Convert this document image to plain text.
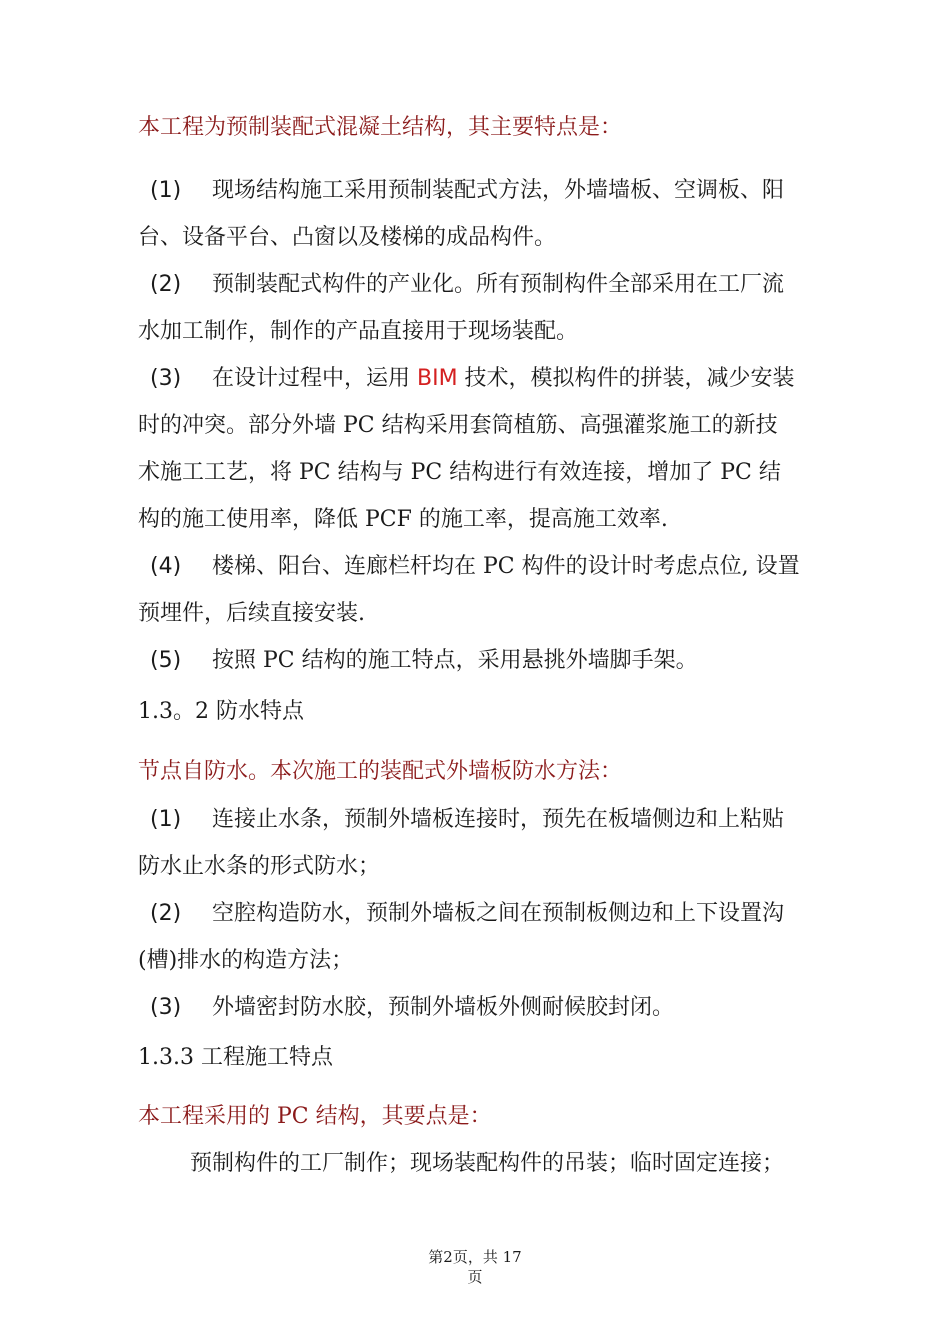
本工程为预制装配式混凝土结构，其主要特点是：
(1) 现场结构施工采用预制装配式方法，外墙墙板、空调板、阳
台、设备平台、凸窗以及楼梯的成品构件。
(2) 预制装配式构件的产业化。所有预制构件全部采用在工厂流
水加工制作，制作的产品直接用于现场装配。
(3) 在设计过程中，运用 BIM 技术，模拟构件的拼装，减少安装
时的冲突。部分外墙 PC 结构采用套筒植筋、高强灌浆施工的新技
术施工工艺，将 PC 结构与 PC 结构进行有效连接，增加了 PC 结
构的施工使用率，降低 PCF 的施工率，提高施工效率.
(4) 楼梯、阳台、连廊栏杆均在 PC 构件的设计时考虑点位, 设置
预埋件，后续直接安装.
(5) 按照 PC 结构的施工特点，采用悬挑外墙脚手架。
1.3。2 防水特点
节点自防水。本次施工的装配式外墙板防水方法：
(1) 连接止水条，预制外墙板连接时，预先在板墙侧边和上粘贴
防水止水条的形式防水；
(2) 空腔构造防水，预制外墙板之间在预制板侧边和上下设置沟
(槽)排水的构造方法；
(3) 外墙密封防水胶，预制外墙板外侧耐候胶封闭。
1.3.3 工程施工特点
本工程采用的 PC 结构，其要点是：
预制构件的工厂制作；现场装配构件的吊装；临时固定连接；
第2页，共 17
页
